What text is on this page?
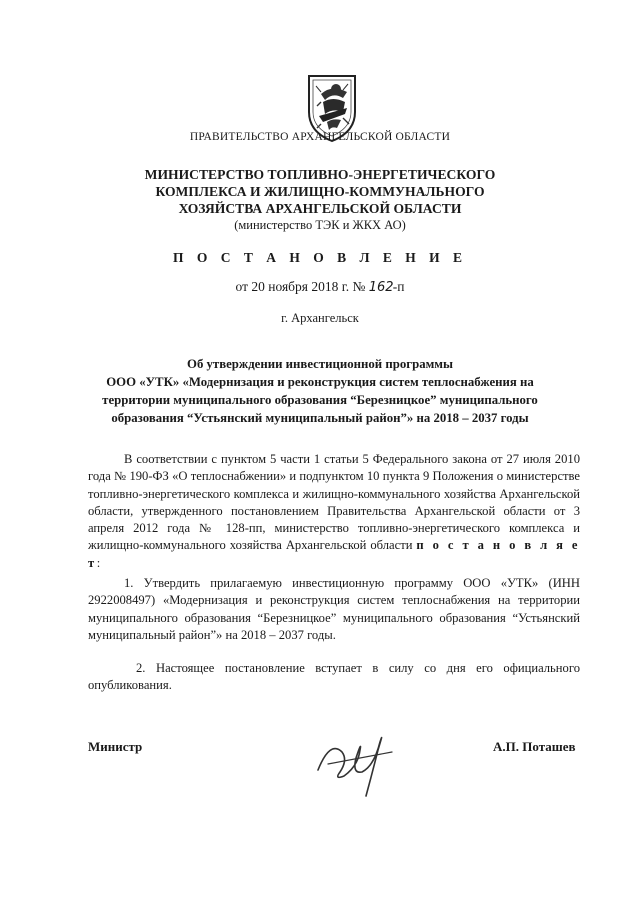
ПРАВИТЕЛЬСТВО АРХАНГЕЛЬСКОЙ ОБЛАСТИ
МИНИСТЕРСТВО ТОПЛИВНО-ЭНЕРГЕТИЧЕСКОГО
КОМПЛЕКСА И ЖИЛИЩНО-КОММУНАЛЬНОГО
ХОЗЯЙСТВА АРХАНГЕЛЬСКОЙ ОБЛАСТИ
(министерство ТЭК и ЖКХ АО)
П О С Т А Н О В Л Е Н И Е
от 20 ноября 2018 г. № 162-п
г. Архангельск
Об утверждении инвестиционной программы
ООО «УТК» «Модернизация и реконструкция систем теплоснабжения на
территории муниципального образования “Березницкое” муниципального
образования “Устьянский муниципальный район”» на 2018 – 2037 годы
В соответствии с пунктом 5 части 1 статьи 5 Федерального закона от 27 июля 2010 года № 190-ФЗ «О теплоснабжении» и подпунктом 10 пункта 9 Положения о министерстве топливно-энергетического комплекса и жилищно-коммунального хозяйства Архангельской области, утвержденного постановлением Правительства Архангельской области от 3 апреля 2012 года № 128-пп, министерство топливно-энергетического комплекса и жилищно-коммунального хозяйства Архангельской области п о с т а н о в л я е т:
1. Утвердить прилагаемую инвестиционную программу ООО «УТК» (ИНН 2922008497) «Модернизация и реконструкция систем теплоснабжения на территории муниципального образования “Березницкое” муниципального образования “Устьянский муниципальный район”» на 2018 – 2037 годы.
2. Настоящее постановление вступает в силу со дня его официального опубликования.
Министр	А.П. Поташев
